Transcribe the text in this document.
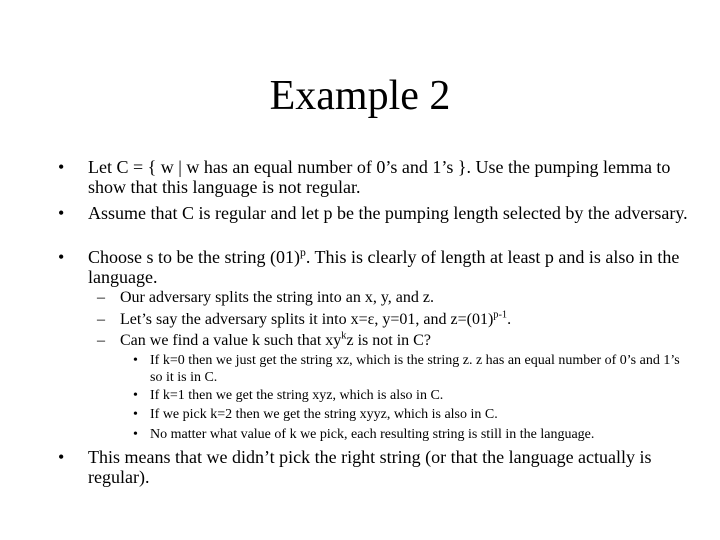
Example 2
• Let C = { w | w has an equal number of 0’s and 1’s }. Use the pumping lemma to show that this language is not regular.
• Assume that C is regular and let p be the pumping length selected by the adversary.
• Choose s to be the string $(01)^p$. This is clearly of length at least p and is also in the language.
– Our adversary splits the string into an x, y, and z.
– Let’s say the adversary splits it into x=ε, y=01, and $z=(01)^{p-1}$.
– Can we find a value k such that $xy^kz$ is not in C?
• If k=0 then we just get the string xz, which is the string z. z has an equal number of 0’s and 1’s so it is in C.
• If k=1 then we get the string xyz, which is also in C.
• If we pick k=2 then we get the string xyyz, which is also in C.
• No matter what value of k we pick, each resulting string is still in the language.
• This means that we didn’t pick the right string (or that the language actually is regular).
